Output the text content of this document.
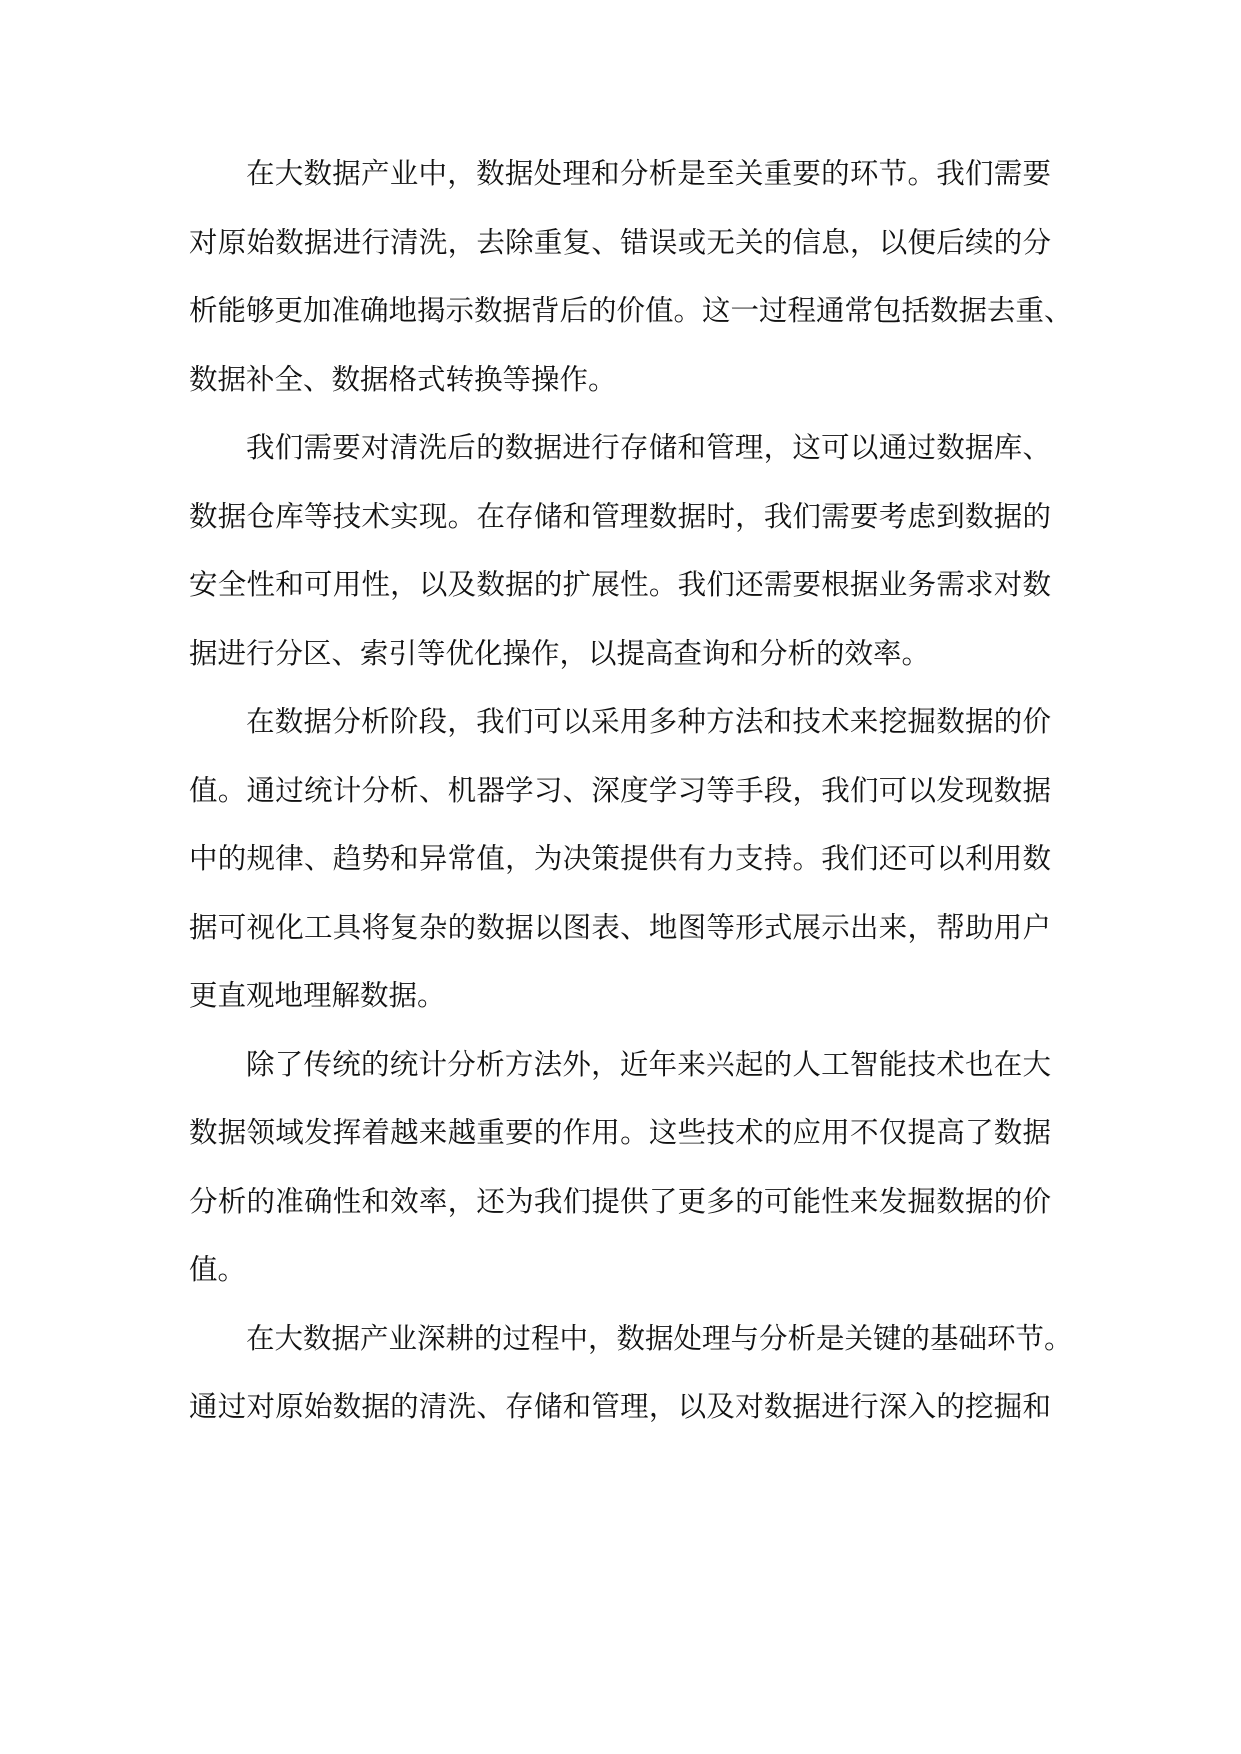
在大数据产业中，数据处理和分析是至关重要的环节。我们需要
对原始数据进行清洗，去除重复、错误或无关的信息，以便后续的分
析能够更加准确地揭示数据背后的价值。这一过程通常包括数据去重、
数据补全、数据格式转换等操作。
我们需要对清洗后的数据进行存储和管理，这可以通过数据库、
数据仓库等技术实现。在存储和管理数据时，我们需要考虑到数据的
安全性和可用性，以及数据的扩展性。我们还需要根据业务需求对数
据进行分区、索引等优化操作，以提高查询和分析的效率。
在数据分析阶段，我们可以采用多种方法和技术来挖掘数据的价
值。通过统计分析、机器学习、深度学习等手段，我们可以发现数据
中的规律、趋势和异常值，为决策提供有力支持。我们还可以利用数
据可视化工具将复杂的数据以图表、地图等形式展示出来，帮助用户
更直观地理解数据。
除了传统的统计分析方法外，近年来兴起的人工智能技术也在大
数据领域发挥着越来越重要的作用。这些技术的应用不仅提高了数据
分析的准确性和效率，还为我们提供了更多的可能性来发掘数据的价
值。
在大数据产业深耕的过程中，数据处理与分析是关键的基础环节。
通过对原始数据的清洗、存储和管理，以及对数据进行深入的挖掘和
